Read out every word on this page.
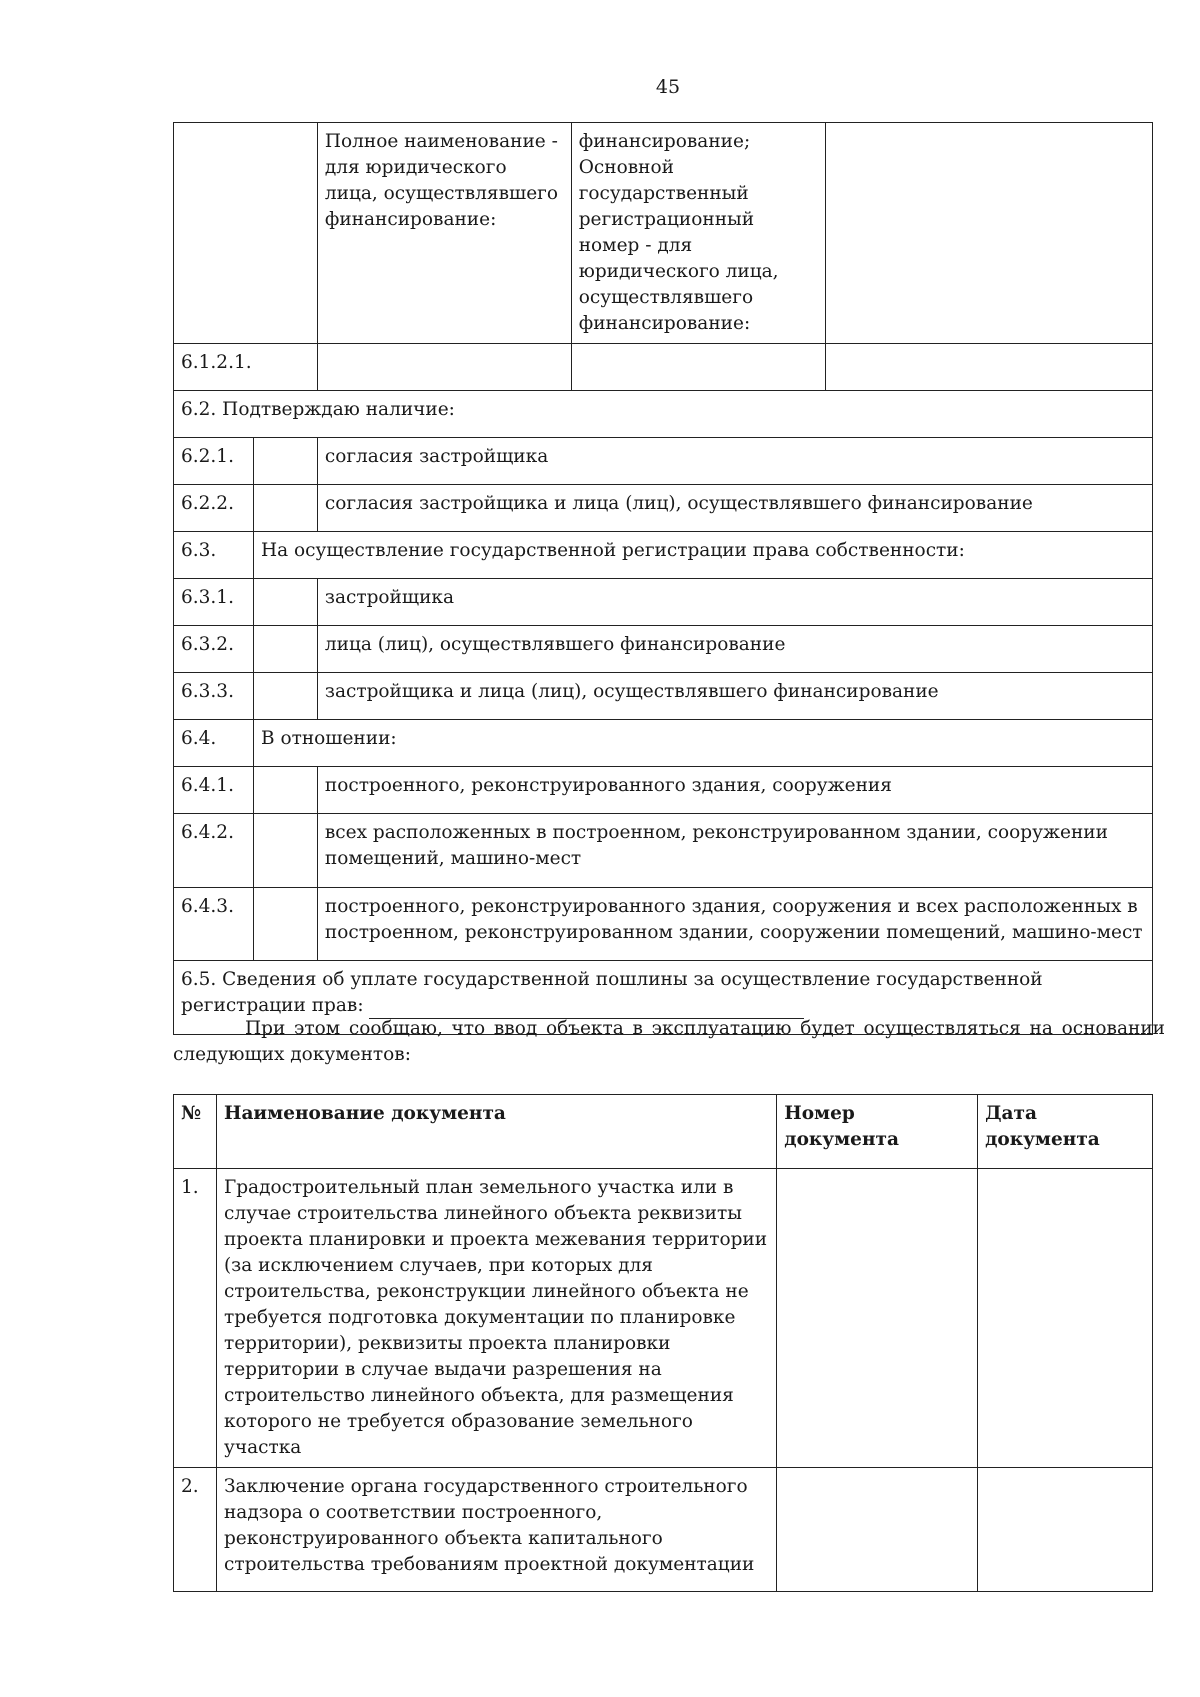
45
		Полное наименование - для юридического лица, осуществлявшего финансирование:	финансирование; Основной государственный регистрационный номер - для юридического лица, осуществлявшего финансирование:	
6.1.2.1.				
6.2. Подтверждаю наличие:				
6.2.1.		согласия застройщика		
6.2.2.		согласия застройщика и лица (лиц), осуществлявшего финансирование		
6.3.	На осуществление государственной регистрации права собственности:			
6.3.1.		застройщика		
6.3.2.		лица (лиц), осуществлявшего финансирование		
6.3.3.		застройщика и лица (лиц), осуществлявшего финансирование		
6.4.	В отношении:			
6.4.1.		построенного, реконструированного здания, сооружения		
6.4.2.		всех расположенных в построенном, реконструированном здании, сооружении помещений, машино-мест		
6.4.3.		построенного, реконструированного здания, сооружения и всех расположенных в построенном, реконструированном здании, сооружении помещений, машино-мест		
6.5. Сведения об уплате государственной пошлины за осуществление государственной регистрации прав:				
При этом сообщаю, что ввод объекта в эксплуатацию будет осуществляться на основании следующих документов:
№	Наименование документа	Номер документа	Дата документа
1.	Градостроительный план земельного участка или в случае строительства линейного объекта реквизиты проекта планировки и проекта межевания территории (за исключением случаев, при которых для строительства, реконструкции линейного объекта не требуется подготовка документации по планировке территории), реквизиты проекта планировки территории в случае выдачи разрешения на строительство линейного объекта, для размещения которого не требуется образование земельного участка		
2.	Заключение органа государственного строительного надзора о соответствии построенного, реконструированного объекта капитального строительства требованиям проектной документации		
